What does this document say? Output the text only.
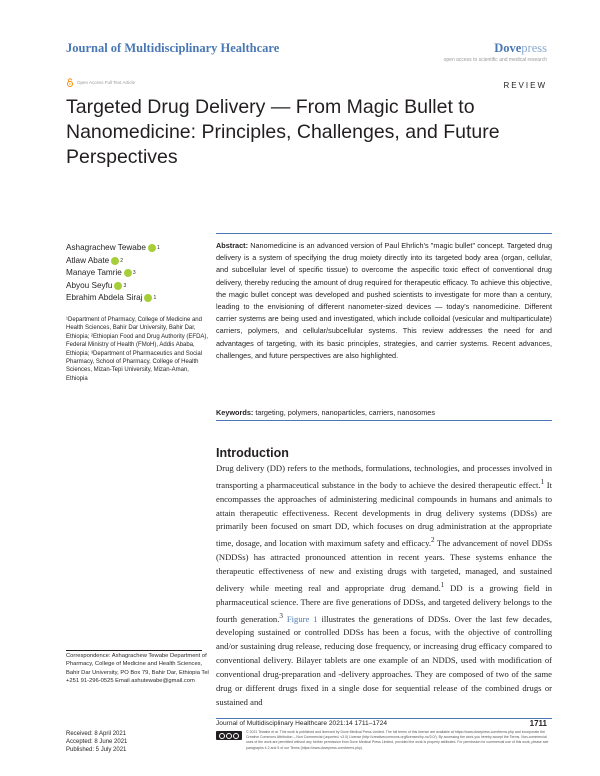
Journal of Multidisciplinary Healthcare	Dovepress
open access to scientific and medical research
Open Access Full Text Article	REVIEW
Targeted Drug Delivery — From Magic Bullet to Nanomedicine: Principles, Challenges, and Future Perspectives
Ashagrachew Tewabe 1
Atlaw Abate 2
Manaye Tamrie 3
Abyou Seyfu 3
Ebrahim Abdela Siraj 1
¹Department of Pharmacy, College of Medicine and Health Sciences, Bahir Dar University, Bahir Dar, Ethiopia; ²Ethiopian Food and Drug Authority (EFDA), Federal Ministry of Health (FMoH), Addis Ababa, Ethiopia; ³Department of Pharmaceutics and Social Pharmacy, School of Pharmacy, College of Health Sciences, Mizan-Tepi University, Mizan-Aman, Ethiopia
Abstract: Nanomedicine is an advanced version of Paul Ehrlich's "magic bullet" concept. Targeted drug delivery is a system of specifying the drug moiety directly into its targeted body area (organ, cellular, and subcellular level of specific tissue) to overcome the aspecific toxic effect of conventional drug delivery, thereby reducing the amount of drug required for therapeutic efficacy. To achieve this objective, the magic bullet concept was developed and pushed scientists to investigate for more than a century, leading to the envisioning of different nanometer-sized devices — today's nanomedicine. Different carrier systems are being used and investigated, which include colloidal (vesicular and multiparticulate) carriers, polymers, and cellular/subcellular systems. This review addresses the need for and advantages of targeting, with its basic principles, strategies, and carrier systems. Recent advances, challenges, and future perspectives are also highlighted.
Keywords: targeting, polymers, nanoparticles, carriers, nanosomes
Introduction
Drug delivery (DD) refers to the methods, formulations, technologies, and processes involved in transporting a pharmaceutical substance in the body to achieve the desired therapeutic effect.$^1$ It encompasses the approaches of administering medicinal compounds in humans and animals to attain therapeutic effectiveness. Recent developments in drug delivery systems (DDSs) are primarily been focused on smart DD, which focuses on drug administration at the appropriate time, dosage, and location with maximum safety and efficacy.$^2$ The advancement of novel DDSs (NDDSs) has attracted pronounced attention in recent years. These systems enhance the therapeutic effectiveness of new and existing drugs with targeted, managed, and sustained delivery while meeting real and appropriate drug demand.$^1$ DD is a growing field in pharmaceutical science. There are five generations of DDSs, and targeted delivery belongs to the fourth generation.$^3$ Figure 1 illustrates the generations of DDSs. Over the last few decades, developing sustained or controlled DDSs has been a focus, with the objective of controlling and/or sustaining drug release, reducing dose frequency, or increasing drug efficacy compared to conventional delivery. Bilayer tablets are one example of an NDDS, used with modification of conventional drug-preparation and -delivery approaches. They are composed of two of the same drug or different drugs fixed in a single dose for sequential release of the combined drugs or sustained and
Correspondence: Ashagrachew Tewabe Department of Pharmacy, College of Medicine and Health Sciences, Bahir Dar University, PO Box 79, Bahir Dar, Ethiopia Tel +251 91-296-0525 Email ashutewabe@gmail.com
Received: 8 April 2021
Accepted: 8 June 2021
Published: 5 July 2021
Journal of Multidisciplinary Healthcare 2021:14 1711–1724	1711
© 2021 Tewabe et al. This work is published and licensed by Dove Medical Press Limited. The full terms of this license are available at https://www.dovepress.com/terms.php and incorporate the Creative Commons Attribution – Non Commercial (unported, v3.0) License (http://creativecommons.org/licenses/by-nc/3.0/). By accessing the work you hereby accept the Terms. Non-commercial uses of the work are permitted without any further permission from Dove Medical Press Limited, provided the work is properly attributed. For permission for commercial use of this work, please see paragraphs 4.2 and 5 of our Terms (https://www.dovepress.com/terms.php).
